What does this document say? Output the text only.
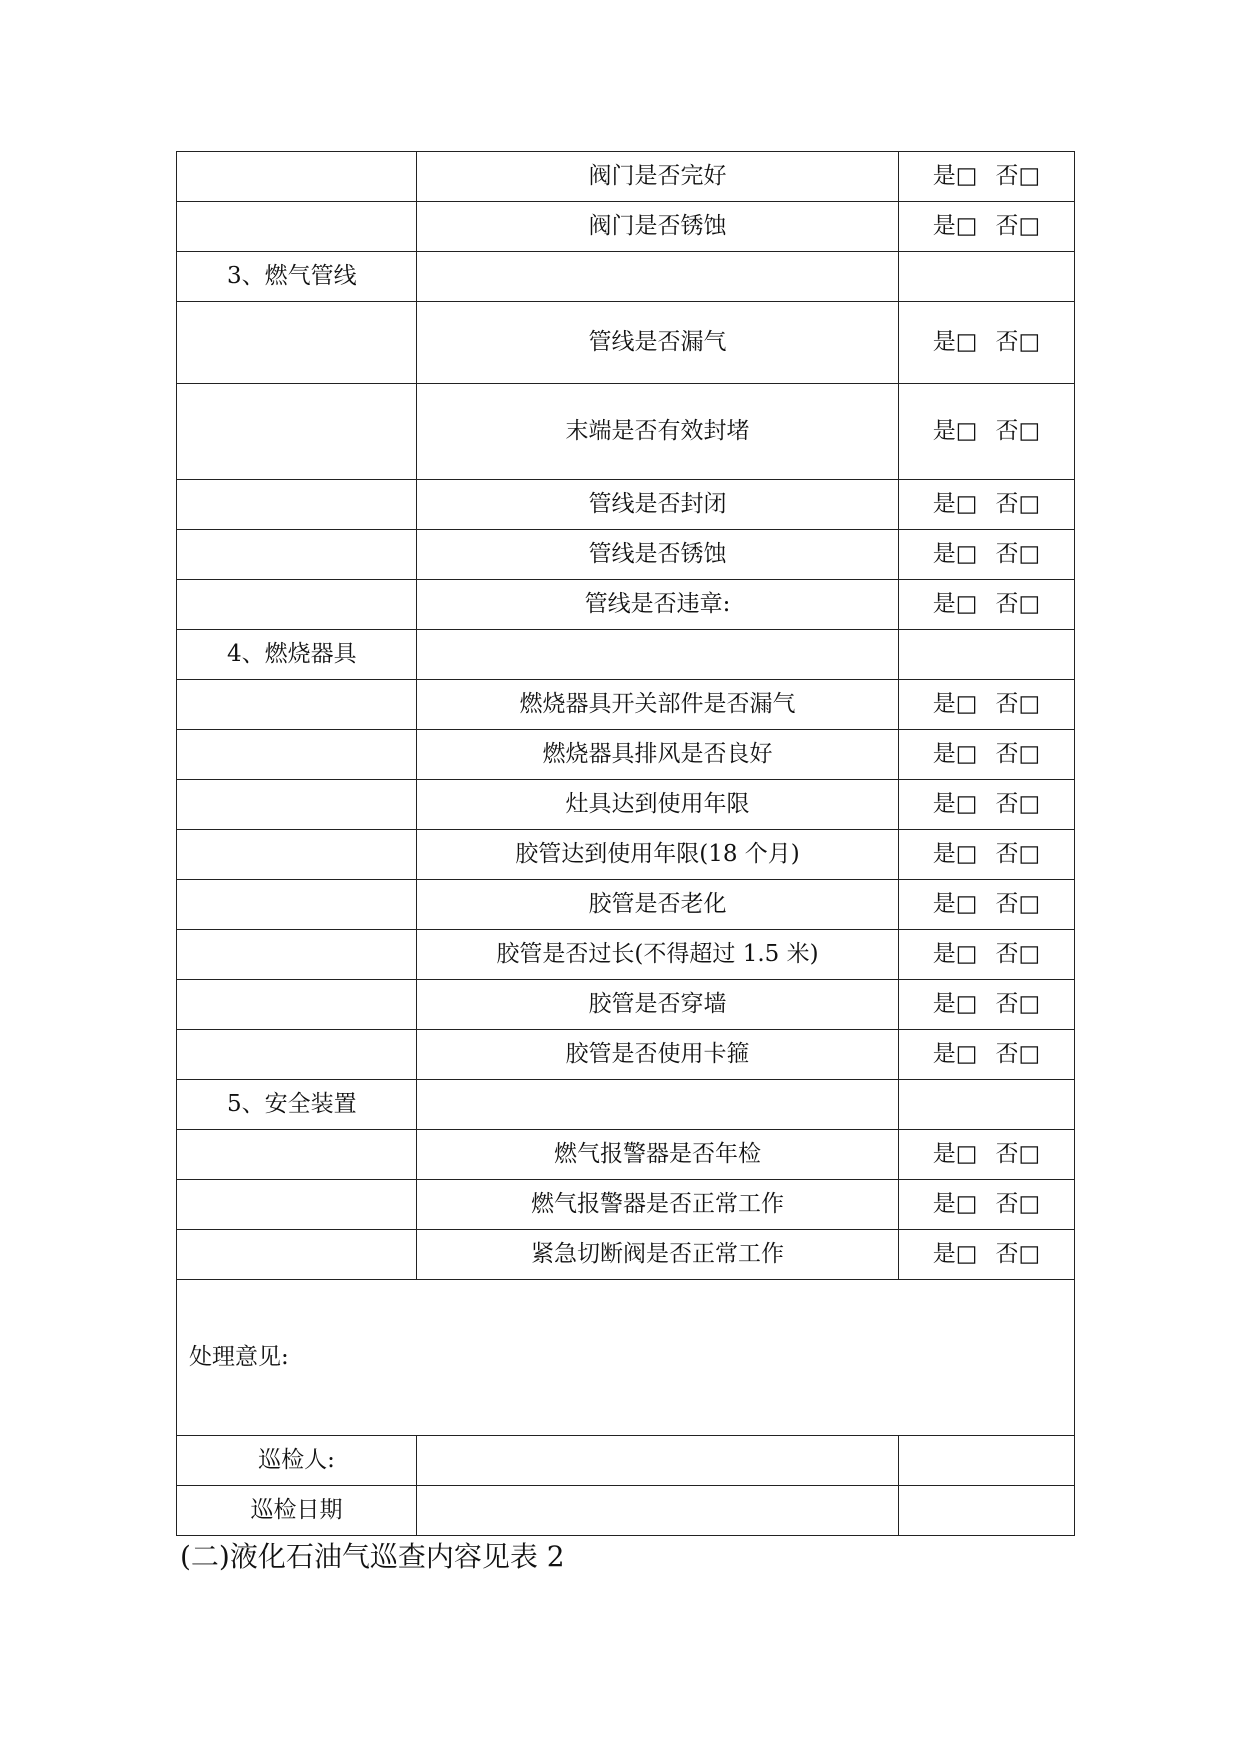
	阀门是否完好	是□ 否□
	阀门是否锈蚀	是□ 否□
3、燃气管线		
	管线是否漏气	是□ 否□
	末端是否有效封堵	是□ 否□
	管线是否封闭	是□ 否□
	管线是否锈蚀	是□ 否□
	管线是否违章:	是□ 否□
4、燃烧器具		
	燃烧器具开关部件是否漏气	是□ 否□
	燃烧器具排风是否良好	是□ 否□
	灶具达到使用年限	是□ 否□
	胶管达到使用年限(18 个月)	是□ 否□
	胶管是否老化	是□ 否□
	胶管是否过长(不得超过 1.5 米)	是□ 否□
	胶管是否穿墙	是□ 否□
	胶管是否使用卡箍	是□ 否□
5、安全装置		
	燃气报警器是否年检	是□ 否□
	燃气报警器是否正常工作	是□ 否□
	紧急切断阀是否正常工作	是□ 否□
处理意见:		
巡检人:		
巡检日期		
(二)液化石油气巡查内容见表 2
